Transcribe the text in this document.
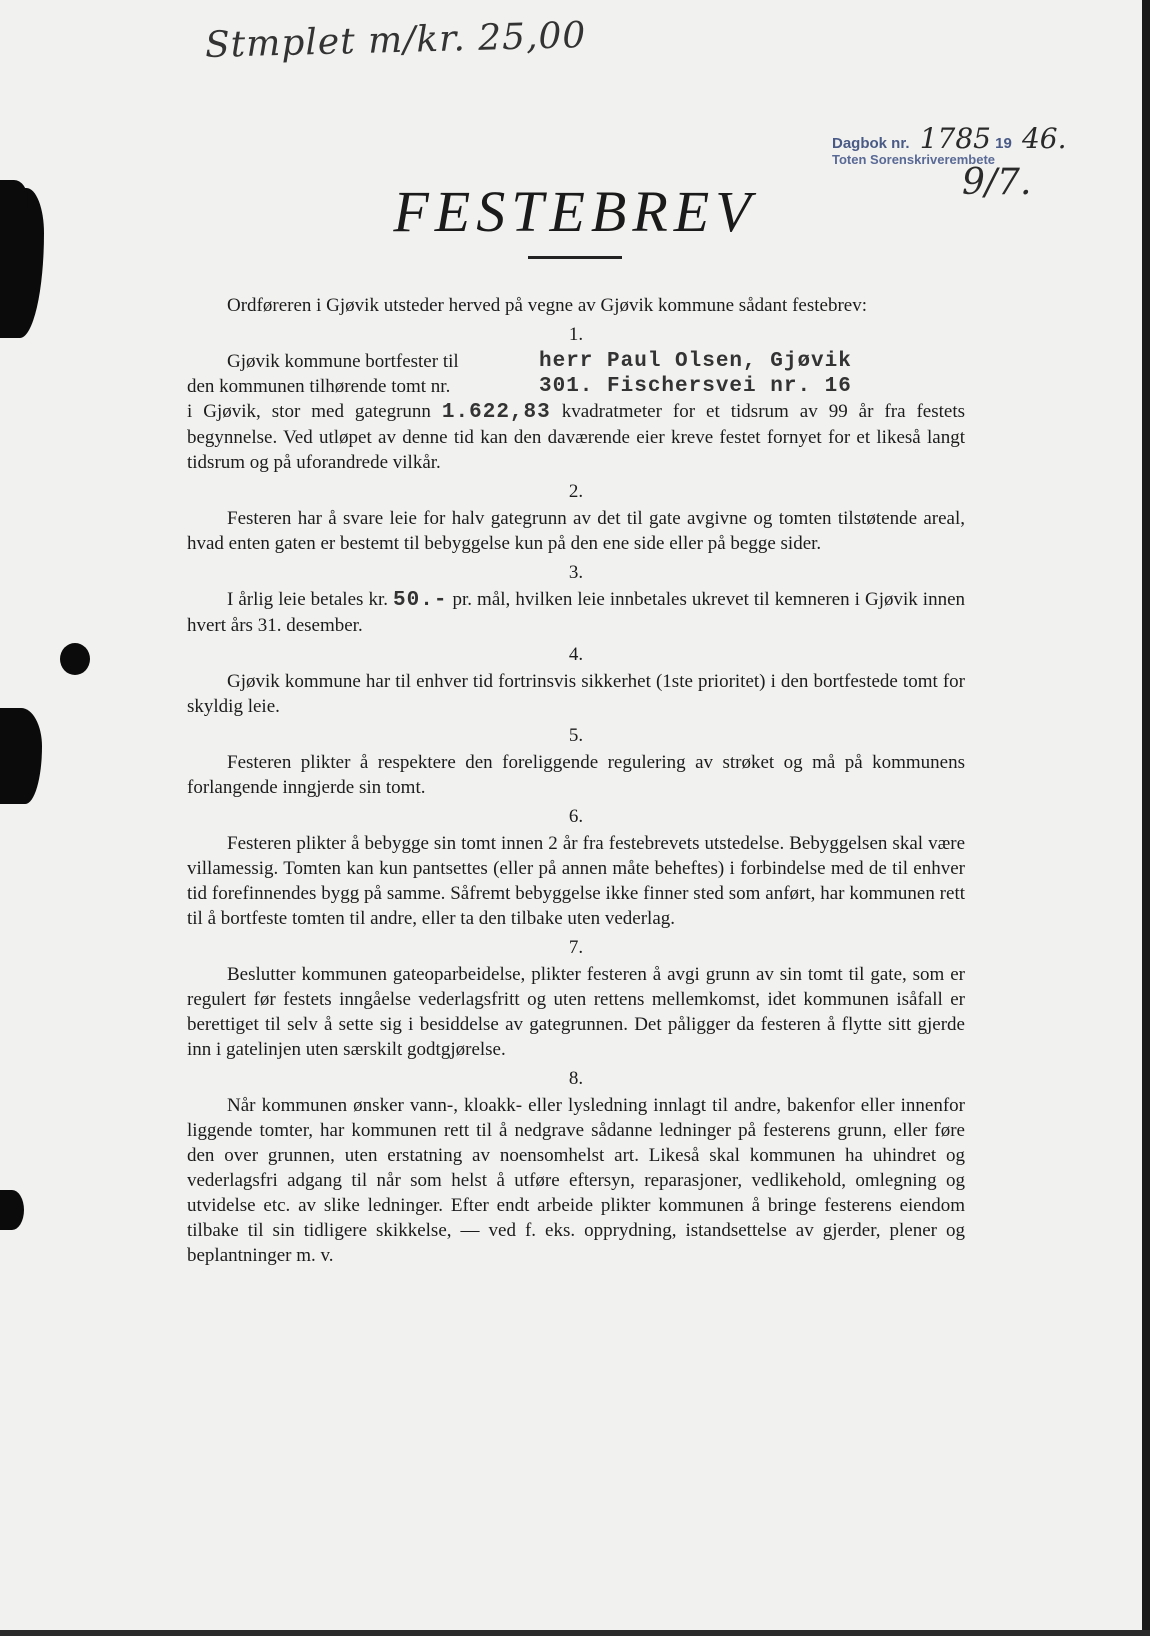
Stmplet m/kr. 25,00
Dagbok nr. 1785 19 46.
Toten Sorenskriverembete
9/7.
FESTEBREV

Ordføreren i Gjøvik utsteder herved på vegne av Gjøvik kommune sådant festebrev:

1.
Gjøvik kommune bortfester til	herr Paul Olsen, Gjøvik
den kommunen tilhørende tomt nr.	301. Fischersvei nr. 16
i Gjøvik, stor med gategrunn 1.622,83 kvadratmeter for et tidsrum av 99 år fra festets begynnelse. Ved utløpet av denne tid kan den daværende eier kreve festet fornyet for et likeså langt tidsrum og på uforandrede vilkår.
2.

Festeren har å svare leie for halv gategrunn av det til gate avgivne og tomten tilstøtende areal, hvad enten gaten er bestemt til bebyggelse kun på den ene side eller på begge sider.

3.

I årlig leie betales kr. 50.- pr. mål, hvilken leie innbetales ukrevet til kemneren i Gjøvik innen hvert års 31. desember.

4.

Gjøvik kommune har til enhver tid fortrinsvis sikkerhet (1ste prioritet) i den bortfestede tomt for skyldig leie.

5.

Festeren plikter å respektere den foreliggende regulering av strøket og må på kommunens forlangende inngjerde sin tomt.

6.

Festeren plikter å bebygge sin tomt innen 2 år fra festebrevets utstedelse. Bebyggelsen skal være villamessig. Tomten kan kun pantsettes (eller på annen måte beheftes) i forbindelse med de til enhver tid forefinnendes bygg på samme. Såfremt bebyggelse ikke finner sted som anført, har kommunen rett til å bortfeste tomten til andre, eller ta den tilbake uten vederlag.

7.

Beslutter kommunen gateoparbeidelse, plikter festeren å avgi grunn av sin tomt til gate, som er regulert før festets inngåelse vederlagsfritt og uten rettens mellemkomst, idet kommunen isåfall er berettiget til selv å sette sig i besiddelse av gategrunnen. Det påligger da festeren å flytte sitt gjerde inn i gatelinjen uten særskilt godtgjørelse.

8.

Når kommunen ønsker vann-, kloakk- eller lysledning innlagt til andre, bakenfor eller innenfor liggende tomter, har kommunen rett til å nedgrave sådanne ledninger på festerens grunn, eller føre den over grunnen, uten erstatning av noensomhelst art. Likeså skal kommunen ha uhindret og vederlagsfri adgang til når som helst å utføre eftersyn, reparasjoner, vedlikehold, omlegning og utvidelse etc. av slike ledninger. Efter endt arbeide plikter kommunen å bringe festerens eiendom tilbake til sin tidligere skikkelse, — ved f. eks. opprydning, istandsettelse av gjerder, plener og beplantninger m. v.
